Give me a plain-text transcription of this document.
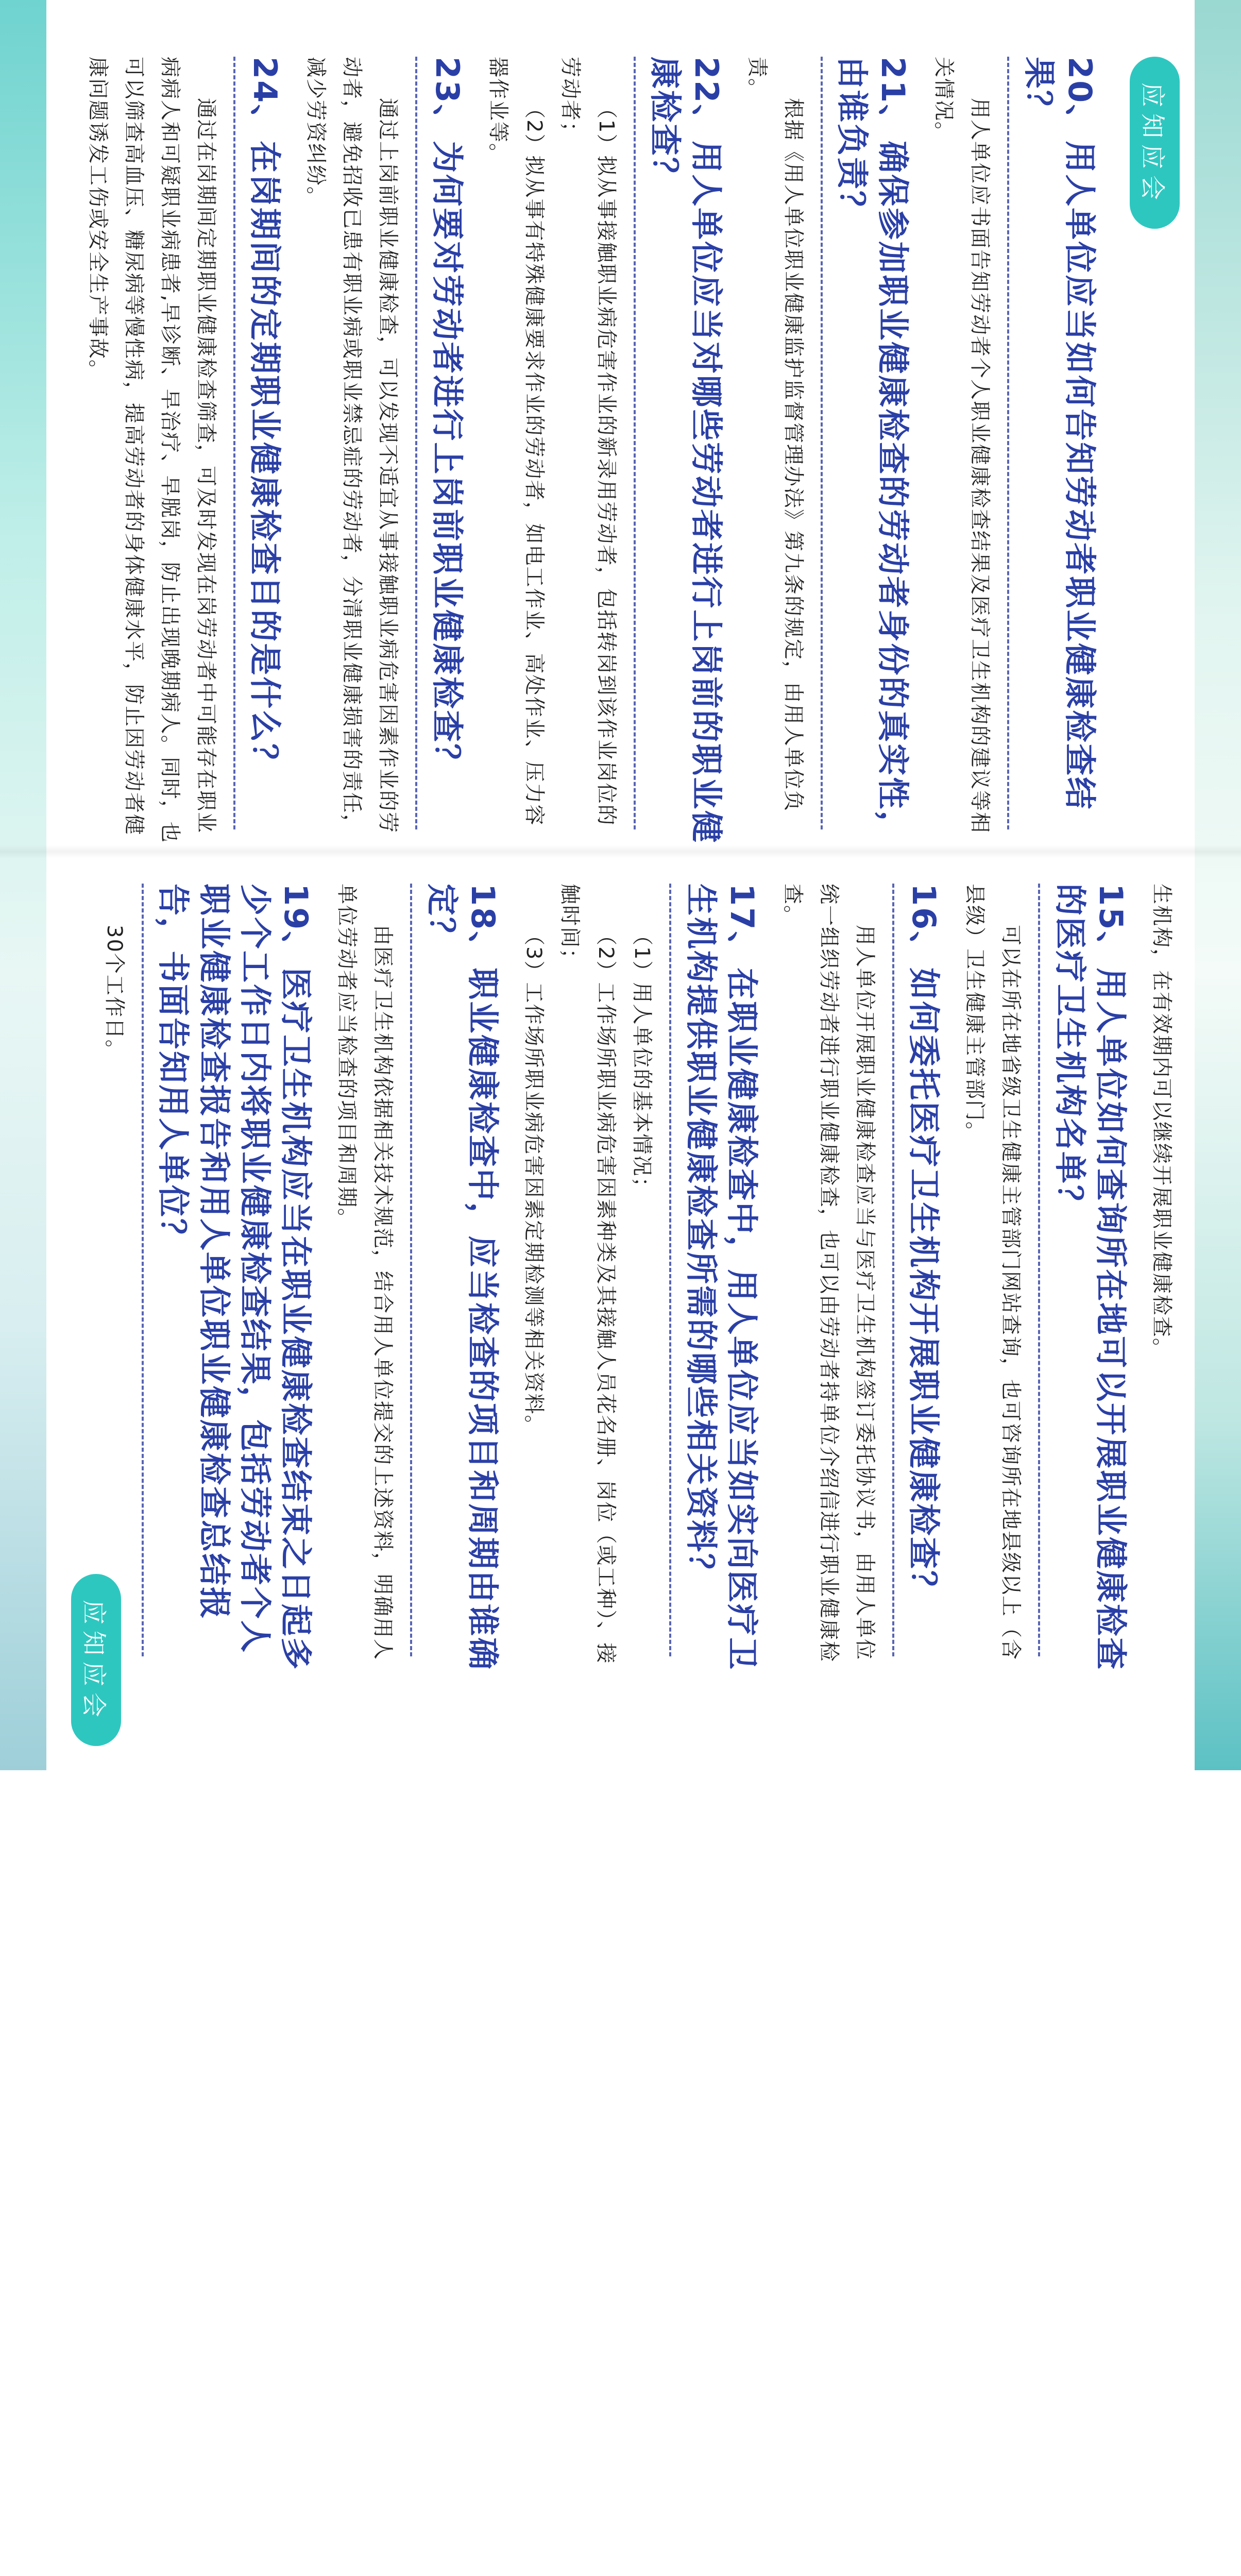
应知应会
20、用人单位应当如何告知劳动者职业健康检查结果？

用人单位应书面告知劳动者个人职业健康检查结果及医疗卫生机构的建议等相关情况。

21、确保参加职业健康检查的劳动者身份的真实性，由谁负责？

根据《用人单位职业健康监护监督管理办法》第九条的规定，由用人单位负责。

22、用人单位应当对哪些劳动者进行上岗前的职业健康检查？

（1）拟从事接触职业病危害作业的新录用劳动者，包括转岗到该作业岗位的劳动者；

（2）拟从事有特殊健康要求作业的劳动者，如电工作业、高处作业、压力容器作业等。

23、为何要对劳动者进行上岗前职业健康检查？

通过上岗前职业健康检查，可以发现不适宜从事接触职业病危害因素作业的劳动者，避免招收已患有职业病或职业禁忌症的劳动者，分清职业健康损害的责任，减少劳资纠纷。

24、在岗期间的定期职业健康检查目的是什么？

通过在岗期间定期职业健康检查筛查，可及时发现在岗劳动者中可能存在职业病病人和可疑职业病患者,早诊断、早治疗、早脱岗，防止出现晚期病人。同时，也可以筛查高血压、糖尿病等慢性病，提高劳动者的身体健康水平，防止因劳动者健康问题诱发工伤或安全生产事故。

生机构，在有效期内可以继续开展职业健康检查。

15、用人单位如何查询所在地可以开展职业健康检查的医疗卫生机构名单？

可以在所在地省级卫生健康主管部门网站查询，也可咨询所在地县级以上（含县级）卫生健康主管部门。

16、如何委托医疗卫生机构开展职业健康检查？

用人单位开展职业健康检查应当与医疗卫生机构签订委托协议书，由用人单位统一组织劳动者进行职业健康检查，也可以由劳动者持单位介绍信进行职业健康检查。

17、在职业健康检查中，用人单位应当如实向医疗卫生机构提供职业健康检查所需的哪些相关资料？

（1）用人单位的基本情况；

（2）工作场所职业病危害因素种类及其接触人员花名册、岗位（或工种）、接触时间；

（3）工作场所职业病危害因素定期检测等相关资料。

18、职业健康检查中，应当检查的项目和周期由谁确定？

由医疗卫生机构依据相关技术规范，结合用人单位提交的上述资料，明确用人单位劳动者应当检查的项目和周期。

19、医疗卫生机构应当在职业健康检查结束之日起多少个工作日内将职业健康检查结果，包括劳动者个人职业健康检查报告和用人单位职业健康检查总结报告，书面告知用人单位？

30个工作日。

应知应会
